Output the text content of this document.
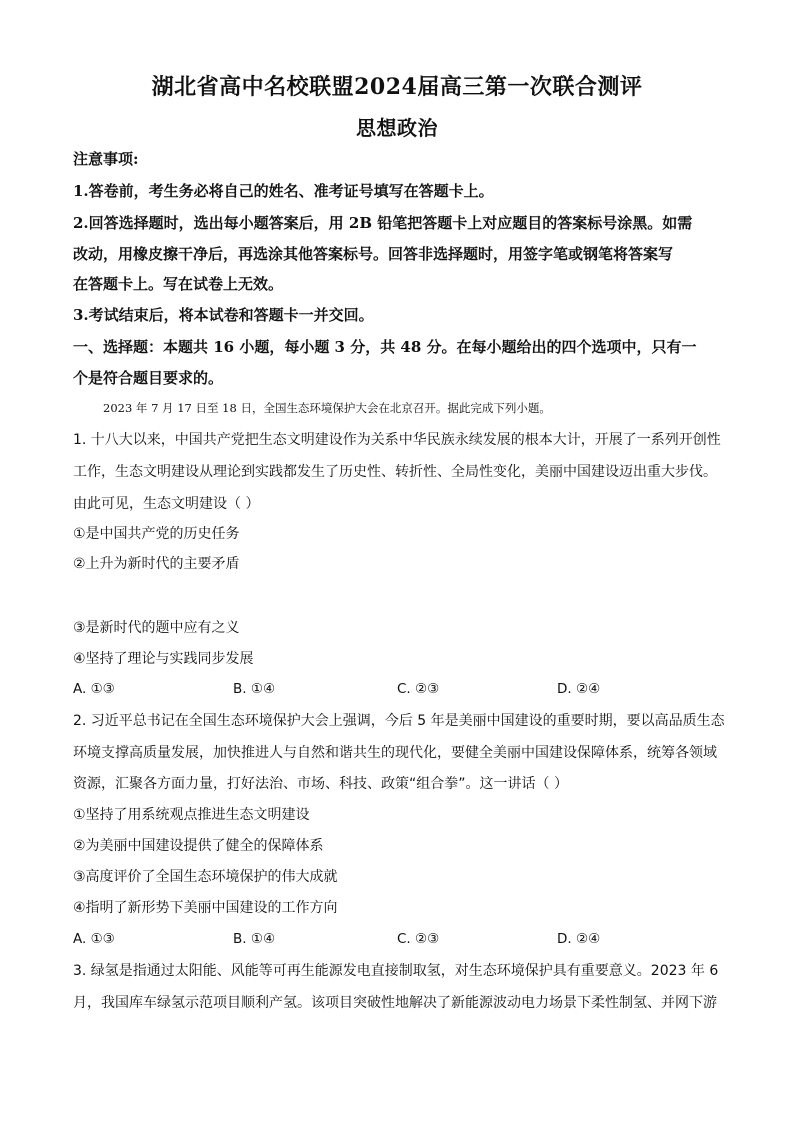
湖北省高中名校联盟2024届高三第一次联合测评
思想政治
注意事项:
1.答卷前，考生务必将自己的姓名、准考证号填写在答题卡上。
2.回答选择题时，选出每小题答案后，用 2B 铅笔把答题卡上对应题目的答案标号涂黑。如需
改动，用橡皮擦干净后，再选涂其他答案标号。回答非选择题时，用签字笔或钢笔将答案写
在答题卡上。写在试卷上无效。
3.考试结束后，将本试卷和答题卡一并交回。
一、选择题：本题共 16 小题，每小题 3 分，共 48 分。在每小题给出的四个选项中，只有一
个是符合题目要求的。
2023 年 7 月 17 日至 18 日，全国生态环境保护大会在北京召开。据此完成下列小题。
1. 十八大以来，中国共产党把生态文明建设作为关系中华民族永续发展的根本大计，开展了一系列开创性
工作，生态文明建设从理论到实践都发生了历史性、转折性、全局性变化，美丽中国建设迈出重大步伐。
由此可见，生态文明建设（ ）
①是中国共产党的历史任务
②上升为新时代的主要矛盾
③是新时代的题中应有之义
④坚持了理论与实践同步发展
A. ①③	B. ①④	C. ②③	D. ②④
2. 习近平总书记在全国生态环境保护大会上强调，今后 5 年是美丽中国建设的重要时期，要以高品质生态
环境支撑高质量发展，加快推进人与自然和谐共生的现代化，要健全美丽中国建设保障体系，统筹各领域
资源，汇聚各方面力量，打好法治、市场、科技、政策“组合拳”。这一讲话（ ）
①坚持了用系统观点推进生态文明建设
②为美丽中国建设提供了健全的保障体系
③高度评价了全国生态环境保护的伟大成就
④指明了新形势下美丽中国建设的工作方向
A. ①③	B. ①④	C. ②③	D. ②④
3. 绿氢是指通过太阳能、风能等可再生能源发电直接制取氢，对生态环境保护具有重要意义。2023 年 6
月，我国库车绿氢示范项目顺利产氢。该项目突破性地解决了新能源波动电力场景下柔性制氢、并网下游
